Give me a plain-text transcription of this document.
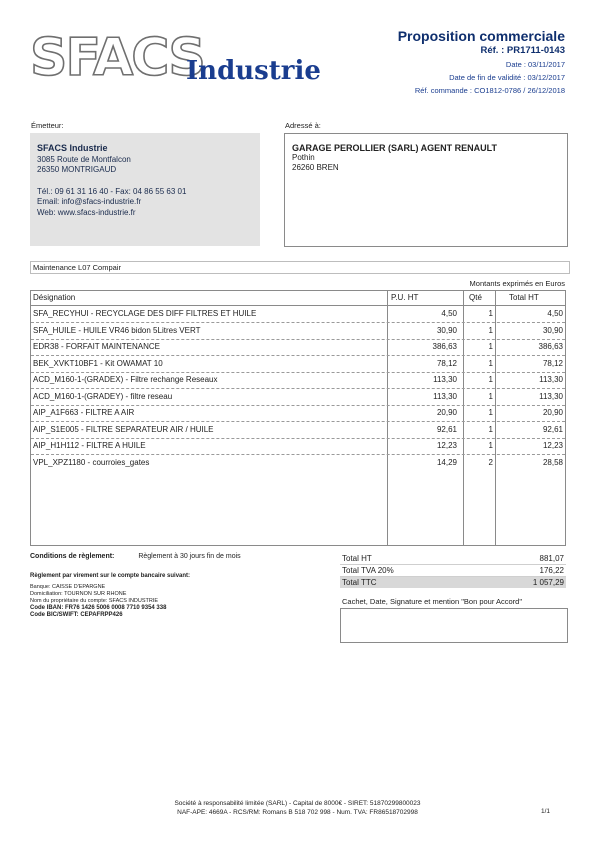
SFACS
Industrie
Proposition commerciale
Réf. : PR1711-0143
Date : 03/11/2017
Date de fin de validité : 03/12/2017
Réf. commande : CO1812-0786 / 26/12/2018
Émetteur:
SFACS Industrie
3085 Route de Montfalcon
26350 MONTRIGAUD
Tél.: 09 61 31 16 40 - Fax: 04 86 55 63 01
Email: info@sfacs-industrie.fr
Web: www.sfacs-industrie.fr
Adressé à:
GARAGE PEROLLIER (SARL) AGENT RENAULT
Pothin
26260 BREN
Maintenance L07 Compair
Montants exprimés en Euros
Désignation	P.U. HT	Qté	Total HT
SFA_RECYHUI - RECYCLAGE DES DIFF FILTRES ET HUILE	4,50	1	4,50
SFA_HUILE - HUILE VR46 bidon 5Litres VERT	30,90	1	30,90
EDR38 - FORFAIT MAINTENANCE	386,63	1	386,63
BEK_XVKT10BF1 - Kit OWAMAT 10	78,12	1	78,12
ACD_M160-1-(GRADEX) - Filtre rechange Reseaux	113,30	1	113,30
ACD_M160-1-(GRADEY) - filtre reseau	113,30	1	113,30
AIP_A1F663 - FILTRE A AIR	20,90	1	20,90
AIP_S1E005 - FILTRE SEPARATEUR AIR / HUILE	92,61	1	92,61
AIP_H1H112 - FILTRE A HUILE	12,23	1	12,23
VPL_XPZ1180 - courroies_gates	14,29	2	28,58
Conditions de règlement:	Règlement à 30 jours fin de mois
Règlement par virement sur le compte bancaire suivant:
Banque: CAISSE D'EPARGNE
Domiciliation: TOURNON SUR RHONE
Nom du propriétaire du compte: SFACS INDUSTRIE
Code IBAN: FR76 1426 5006 0008 7710 9354 338
Code BIC/SWIFT: CEPAFRPP426
Total HT	881,07
Total TVA 20%	176,22
Total TTC	1 057,29
Cachet, Date, Signature et mention "Bon pour Accord"
Société à responsabilité limitée (SARL) - Capital de 8000€ - SIRET: 51870299800023
NAF-APE: 4669A - RCS/RM: Romans B 518 702 998 - Num. TVA: FR86518702998	1/1
